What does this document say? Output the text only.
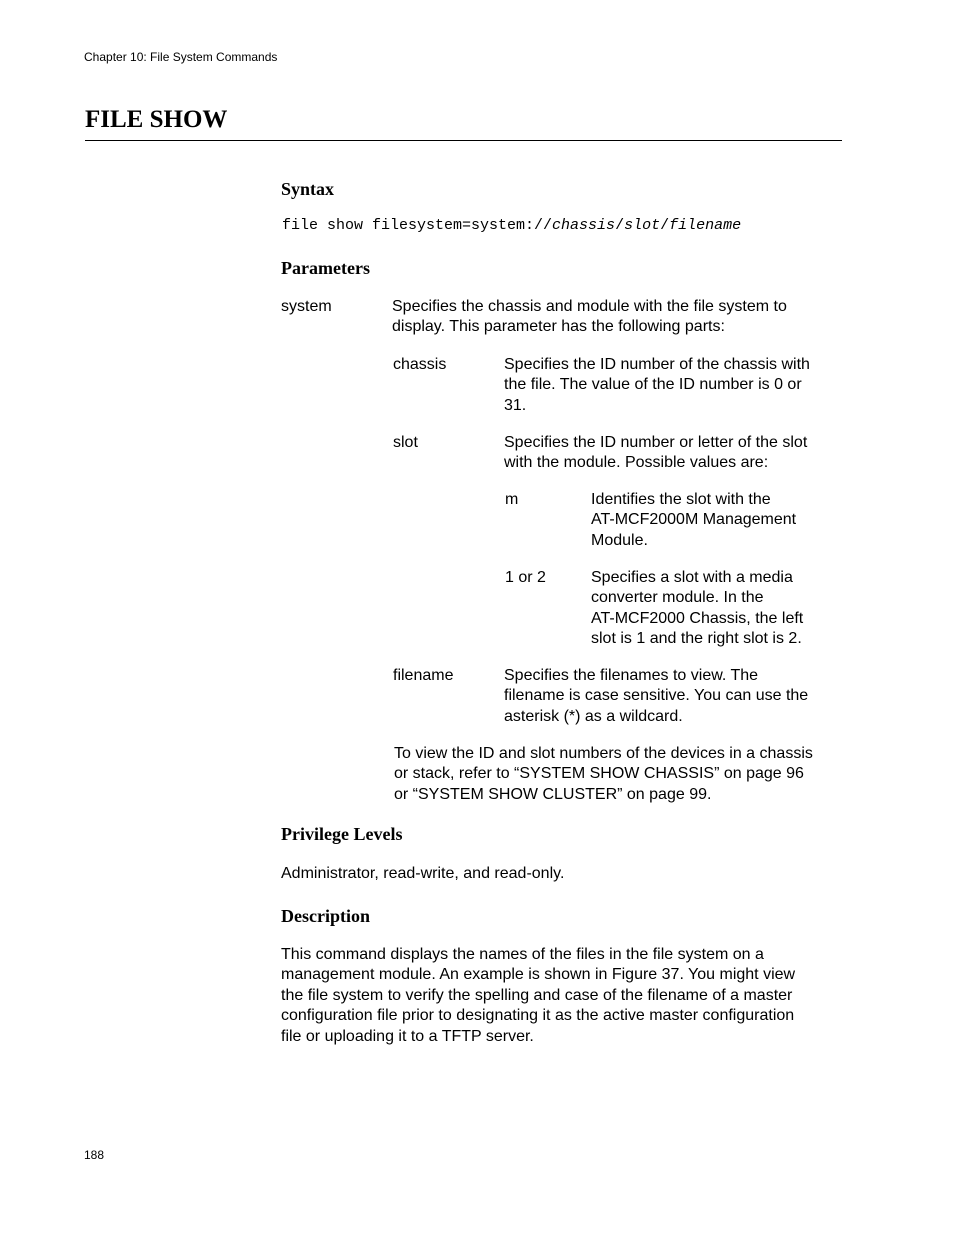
Chapter 10: File System Commands
FILE SHOW
Syntax
file show filesystem=system://chassis/slot/filename
Parameters
system	Specifies the chassis and module with the file system to

display. This parameter has the following parts:

chassis	Specifies the ID number of the chassis with

the file. The value of the ID number is 0 or

31.

slot	Specifies the ID number or letter of the slot

with the module. Possible values are:

m	Identifies the slot with the

AT-MCF2000M Management

Module.

1 or 2	Specifies a slot with a media

converter module. In the

AT-MCF2000 Chassis, the left

slot is 1 and the right slot is 2.

filename	Specifies the filenames to view. The

filename is case sensitive. You can use the

asterisk (*) as a wildcard.

To view the ID and slot numbers of the devices in a chassis

or stack, refer to “SYSTEM SHOW CHASSIS” on page 96

or “SYSTEM SHOW CLUSTER” on page 99.

Privilege Levels
Administrator, read-write, and read-only.
Description

This command displays the names of the files in the file system on a

management module. An example is shown in Figure 37. You might view

the file system to verify the spelling and case of the filename of a master

configuration file prior to designating it as the active master configuration

file or uploading it to a TFTP server.

188
